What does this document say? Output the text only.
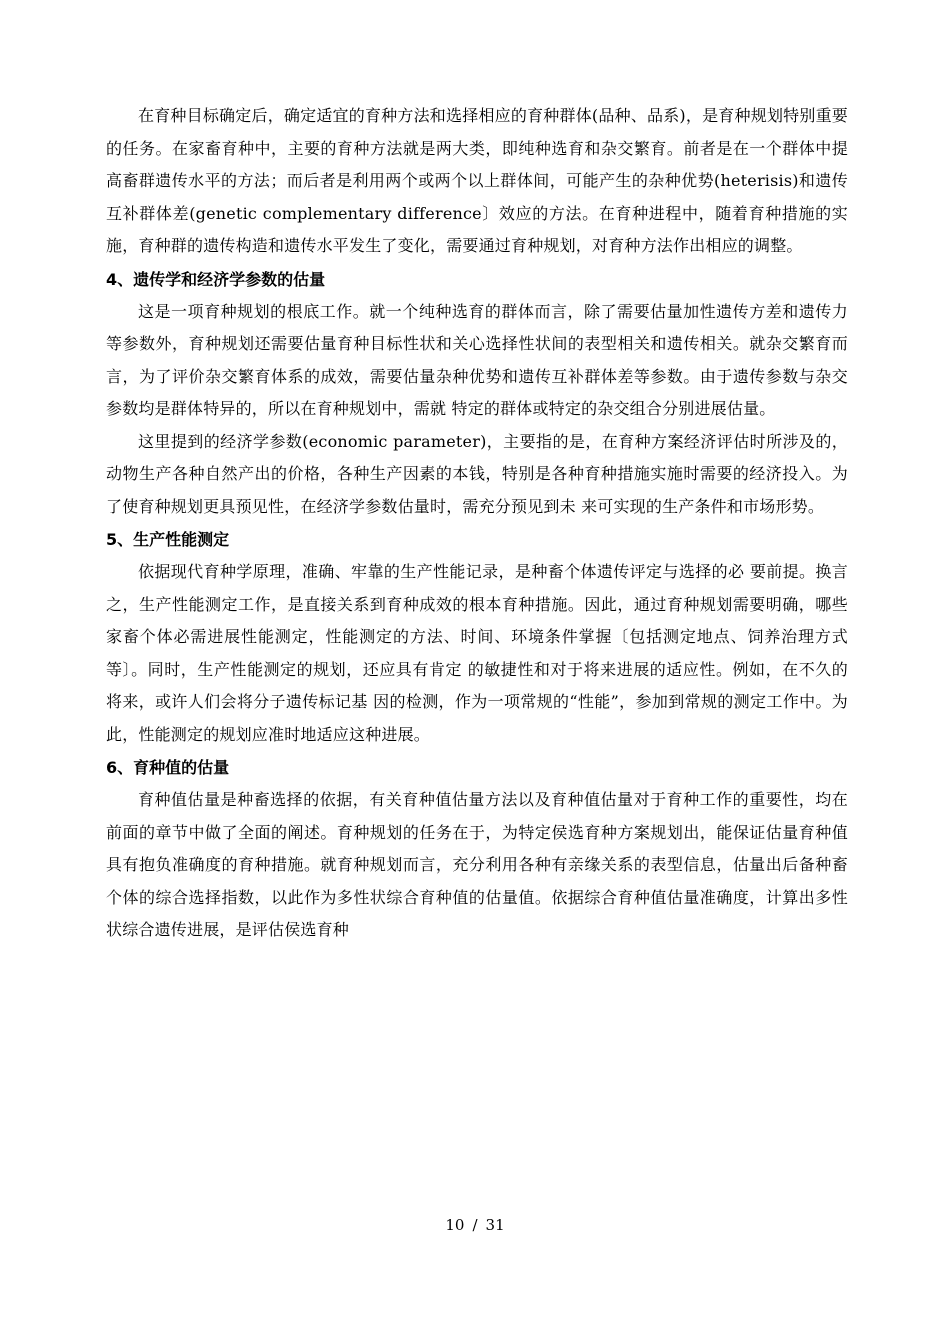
在育种目标确定后，确定适宜的育种方法和选择相应的育种群体(品种、品系)，是育种规划特别重要的任务。在家畜育种中，主要的育种方法就是两大类，即纯种选育和杂交繁育。前者是在一个群体中提高畜群遗传水平的方法；而后者是利用两个或两个以上群体间，可能产生的杂种优势(heterisis)和遗传互补群体差(genetic complementary difference〕效应的方法。在育种进程中，随着育种措施的实施，育种群的遗传构造和遗传水平发生了变化，需要通过育种规划，对育种方法作出相应的调整。

4、遗传学和经济学参数的估量

这是一项育种规划的根底工作。就一个纯种选育的群体而言，除了需要估量加性遗传方差和遗传力等参数外，育种规划还需要估量育种目标性状和关心选择性状间的表型相关和遗传相关。就杂交繁育而言，为了评价杂交繁育体系的成效，需要估量杂种优势和遗传互补群体差等参数。由于遗传参数与杂交参数均是群体特异的，所以在育种规划中，需就 特定的群体或特定的杂交组合分别进展估量。

这里提到的经济学参数(economic parameter)，主要指的是，在育种方案经济评估时所涉及的，动物生产各种自然产出的价格，各种生产因素的本钱，特别是各种育种措施实施时需要的经济投入。为了使育种规划更具预见性，在经济学参数估量时，需充分预见到未 来可实现的生产条件和市场形势。

5、生产性能测定

依据现代育种学原理，准确、牢靠的生产性能记录，是种畜个体遗传评定与选择的必 要前提。换言之，生产性能测定工作，是直接关系到育种成效的根本育种措施。因此，通过育种规划需要明确，哪些家畜个体必需进展性能测定，性能测定的方法、时间、环境条件掌握〔包括测定地点、饲养治理方式等〕。同时，生产性能测定的规划，还应具有肯定 的敏捷性和对于将来进展的适应性。例如，在不久的将来，或许人们会将分子遗传标记基 因的检测，作为一项常规的“性能”，参加到常规的测定工作中。为此，性能测定的规划应准时地适应这种进展。

6、育种值的估量

育种值估量是种畜选择的依据，有关育种值估量方法以及育种值估量对于育种工作的重要性，均在前面的章节中做了全面的阐述。育种规划的任务在于，为特定侯选育种方案规划出，能保证估量育种值具有抱负准确度的育种措施。就育种规划而言，充分利用各种有亲缘关系的表型信息，估量出后备种畜个体的综合选择指数，以此作为多性状综合育种值的估量值。依据综合育种值估量准确度，计算出多性状综合遗传进展，是评估侯选育种

10 / 31
